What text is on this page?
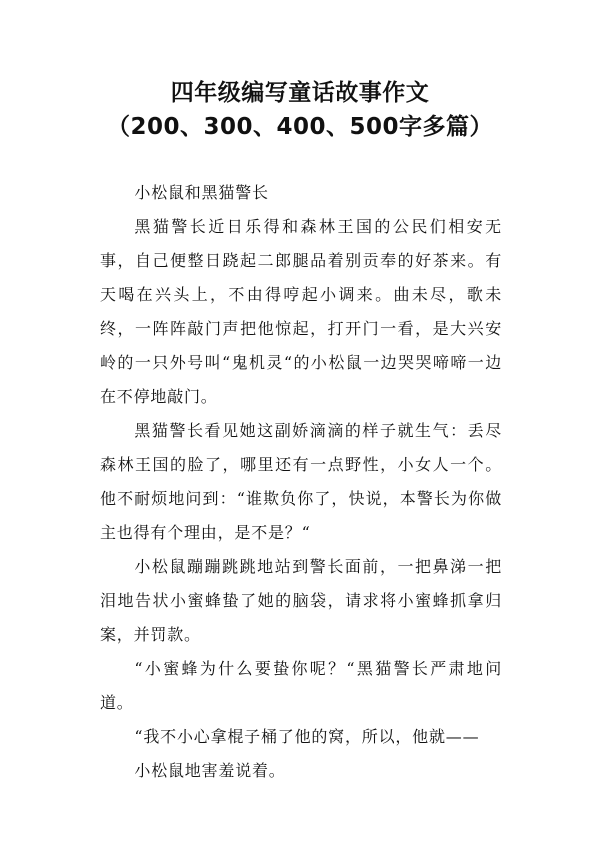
四年级编写童话故事作文
（200、300、400、500字多篇）

小松鼠和黑猫警长

黑猫警长近日乐得和森林王国的公民们相安无事，自己便整日跷起二郎腿品着别贡奉的好茶来。有天喝在兴头上，不由得哼起小调来。曲未尽，歌未终，一阵阵敲门声把他惊起，打开门一看，是大兴安岭的一只外号叫“鬼机灵“的小松鼠一边哭哭啼啼一边在不停地敲门。

黑猫警长看见她这副娇滴滴的样子就生气：丢尽森林王国的脸了，哪里还有一点野性，小女人一个。他不耐烦地问到：“谁欺负你了，快说，本警长为你做主也得有个理由，是不是？“

小松鼠蹦蹦跳跳地站到警长面前，一把鼻涕一把泪地告状小蜜蜂蛰了她的脑袋，请求将小蜜蜂抓拿归案，并罚款。

“小蜜蜂为什么要蛰你呢？“黑猫警长严肃地问道。

“我不小心拿棍子桶了他的窝，所以，他就——

小松鼠地害羞说着。
